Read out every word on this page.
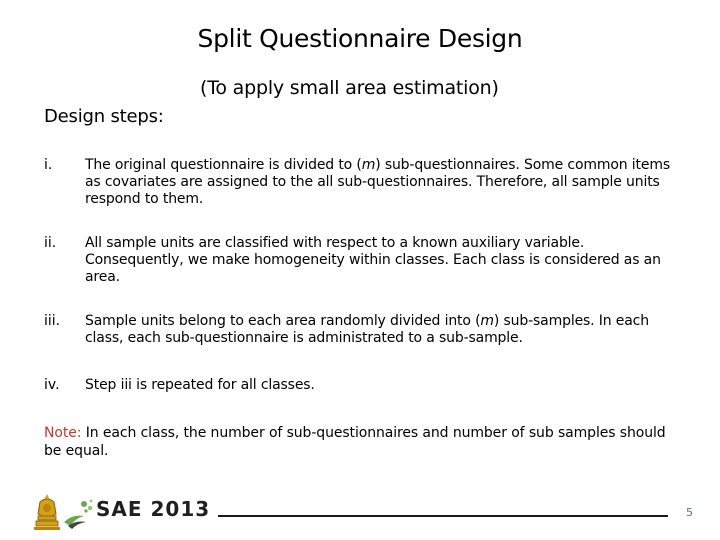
Split Questionnaire Design
(To apply small area estimation)
Design steps:
i. The original questionnaire is divided to (m) sub-questionnaires. Some common items as covariates are assigned to the all sub-questionnaires. Therefore, all sample units respond to them.
ii. All sample units are classified with respect to a known auxiliary variable. Consequently, we make homogeneity within classes. Each class is considered as an area.
iii. Sample units belong to each area randomly divided into (m) sub-samples. In each class, each sub-questionnaire is administrated to a sub-sample.
iv. Step iii is repeated for all classes.
Note: In each class, the number of sub-questionnaires and number of sub samples should be equal.
SAE 2013	5
